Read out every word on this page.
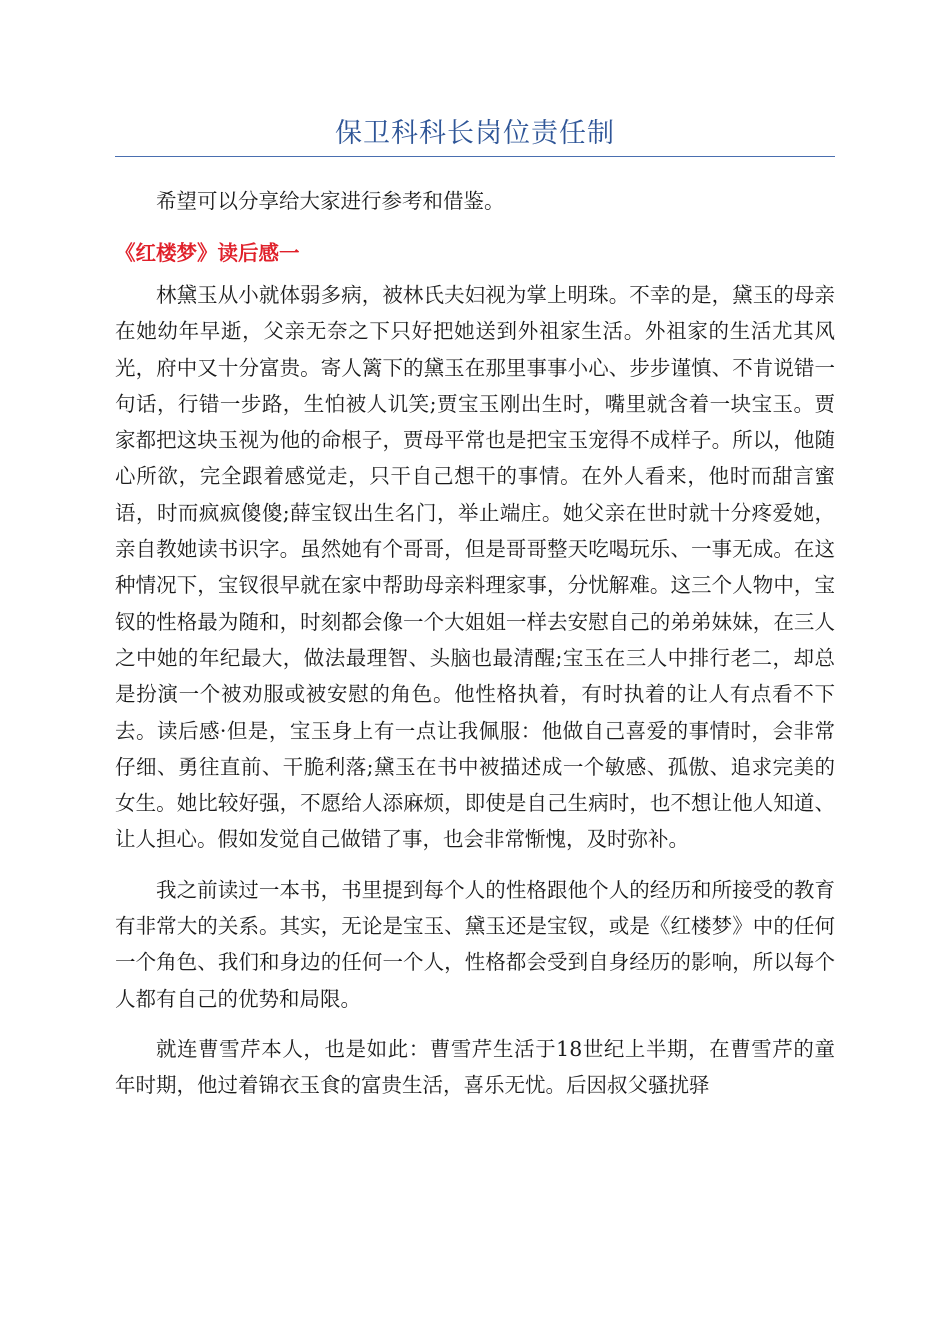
保卫科科长岗位责任制

希望可以分享给大家进行参考和借鉴。

《红楼梦》读后感一

林黛玉从小就体弱多病，被林氏夫妇视为掌上明珠。不幸的是，黛玉的母亲在她幼年早逝，父亲无奈之下只好把她送到外祖家生活。外祖家的生活尤其风光，府中又十分富贵。寄人篱下的黛玉在那里事事小心、步步谨慎、不肯说错一句话，行错一步路，生怕被人讥笑;贾宝玉刚出生时，嘴里就含着一块宝玉。贾家都把这块玉视为他的命根子，贾母平常也是把宝玉宠得不成样子。所以，他随心所欲，完全跟着感觉走，只干自己想干的事情。在外人看来，他时而甜言蜜语，时而疯疯傻傻;薛宝钗出生名门，举止端庄。她父亲在世时就十分疼爱她，亲自教她读书识字。虽然她有个哥哥，但是哥哥整天吃喝玩乐、一事无成。在这种情况下，宝钗很早就在家中帮助母亲料理家事，分忧解难。这三个人物中，宝钗的性格最为随和，时刻都会像一个大姐姐一样去安慰自己的弟弟妹妹，在三人之中她的年纪最大，做法最理智、头脑也最清醒;宝玉在三人中排行老二，却总是扮演一个被劝服或被安慰的角色。他性格执着，有时执着的让人有点看不下去。读后感·但是，宝玉身上有一点让我佩服：他做自己喜爱的事情时，会非常仔细、勇往直前、干脆利落;黛玉在书中被描述成一个敏感、孤傲、追求完美的女生。她比较好强，不愿给人添麻烦，即使是自己生病时，也不想让他人知道、让人担心。假如发觉自己做错了事，也会非常惭愧，及时弥补。

我之前读过一本书，书里提到每个人的性格跟他个人的经历和所接受的教育有非常大的关系。其实，无论是宝玉、黛玉还是宝钗，或是《红楼梦》中的任何一个角色、我们和身边的任何一个人，性格都会受到自身经历的影响，所以每个人都有自己的优势和局限。

就连曹雪芹本人，也是如此：曹雪芹生活于18世纪上半期，在曹雪芹的童年时期，他过着锦衣玉食的富贵生活，喜乐无忧。后因叔父骚扰驿
